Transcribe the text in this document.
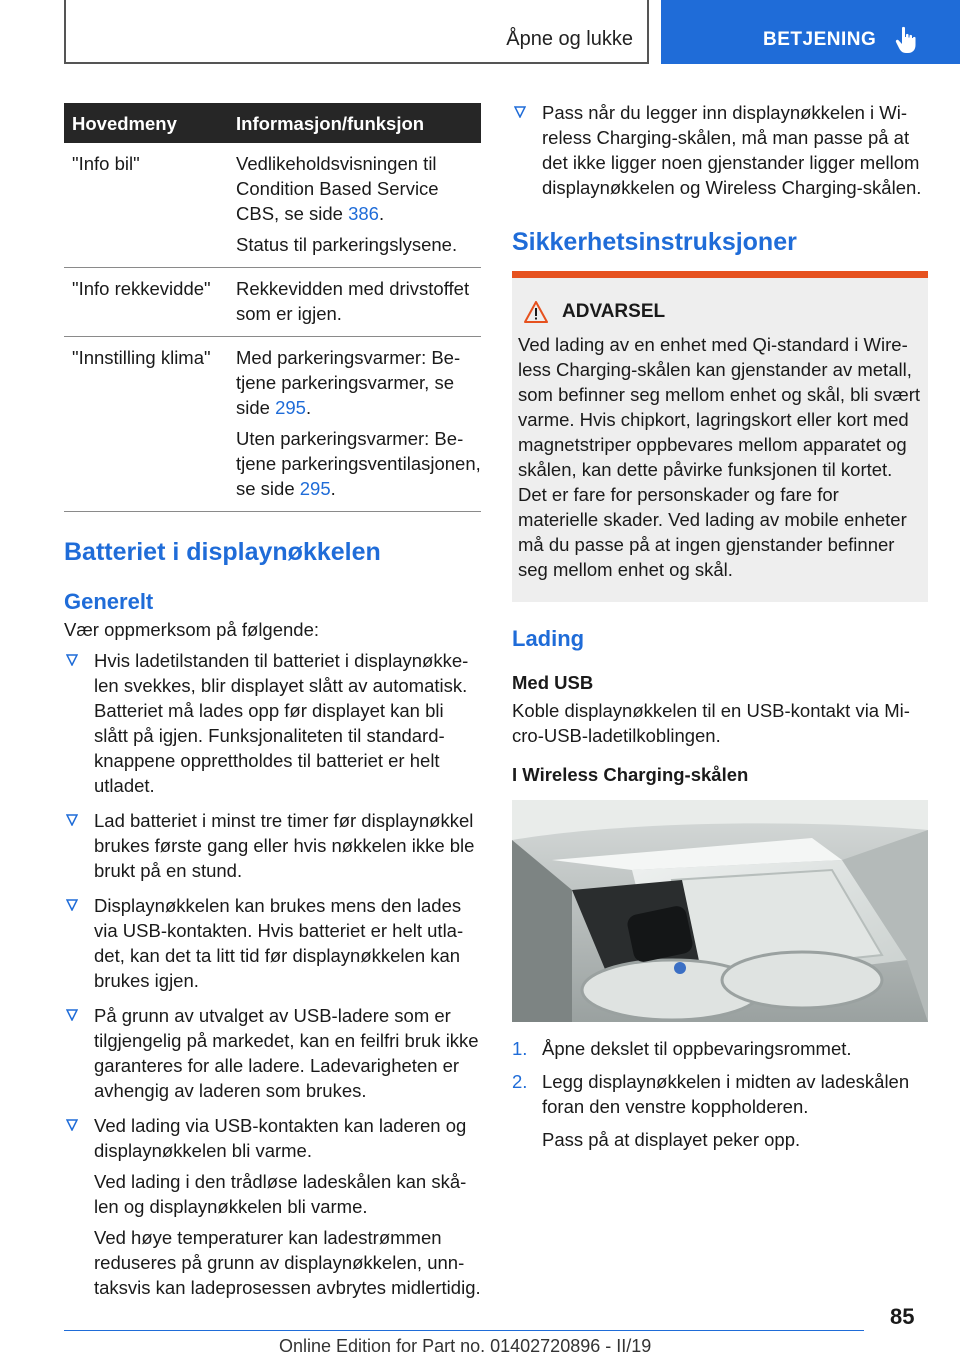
Åpne og lukke	BETJENING
Hovedmeny	Informasjon/funksjon
"Info bil"	Vedlikeholdsvisningen til Condition Based Service CBS, se side 386.

Status til parkeringslysene.

"Info rekkevidde"	Rekkevidden med drivstoffet som er igjen.

"Innstilling klima"	Med parkeringsvarmer: Betjene parkeringsvarmer, se side 295.

Uten parkeringsvarmer: Betjene parkeringsventilasjonen, se side 295.

Batteriet i displaynøkkelen
Generelt

Vær oppmerksom på følgende:

Hvis ladetilstanden til batteriet i displaynøkkelen svekkes, blir displayet slått av automatisk. Batteriet må lades opp før displayet kan bli slått på igjen. Funksjonaliteten til standardknappene opprettholdes til batteriet er helt utladet.

Lad batteriet i minst tre timer før displaynøkkel brukes første gang eller hvis nøkkelen ikke ble brukt på en stund.

Displaynøkkelen kan brukes mens den lades via USB-kontakten. Hvis batteriet er helt utladet, kan det ta litt tid før displaynøkkelen kan brukes igjen.

På grunn av utvalget av USB-ladere som er tilgjengelig på markedet, kan en feilfri bruk ikke garanteres for alle ladere. Ladevarigheten er avhengig av laderen som brukes.

Ved lading via USB-kontakten kan laderen og displaynøkkelen bli varme.

Ved lading i den trådløse ladeskålen kan skålen og displaynøkkelen bli varme.

Ved høye temperaturer kan ladestrømmen reduseres på grunn av displaynøkkelen, unntaksvis kan ladeprosessen avbrytes midlertidig.

Pass når du legger inn displaynøkkelen i Wireless Charging-skålen, må man passe på at det ikke ligger noen gjenstander ligger mellom displaynøkkelen og Wireless Charging-skålen.

Sikkerhetsinstruksjoner
ADVARSEL

Ved lading av en enhet med Qi-standard i Wireless Charging-skålen kan gjenstander av metall, som befinner seg mellom enhet og skål, bli svært varme. Hvis chipkort, lagringskort eller kort med magnetstriper oppbevares mellom apparatet og skålen, kan dette påvirke funksjonen til kortet. Det er fare for personskader og fare for materielle skader. Ved lading av mobile enheter må du passe på at ingen gjenstander befinner seg mellom enhet og skål.

Lading
Med USB

Koble displaynøkkelen til en USB-kontakt via Micro-USB-ladetilkoblingen.

I Wireless Charging-skålen
1. Åpne dekslet til oppbevaringsrommet.

2. Legg displaynøkkelen i midten av ladeskålen foran den venstre koppholderen.

Pass på at displayet peker opp.

85
Online Edition for Part no. 01402720896 - II/19
